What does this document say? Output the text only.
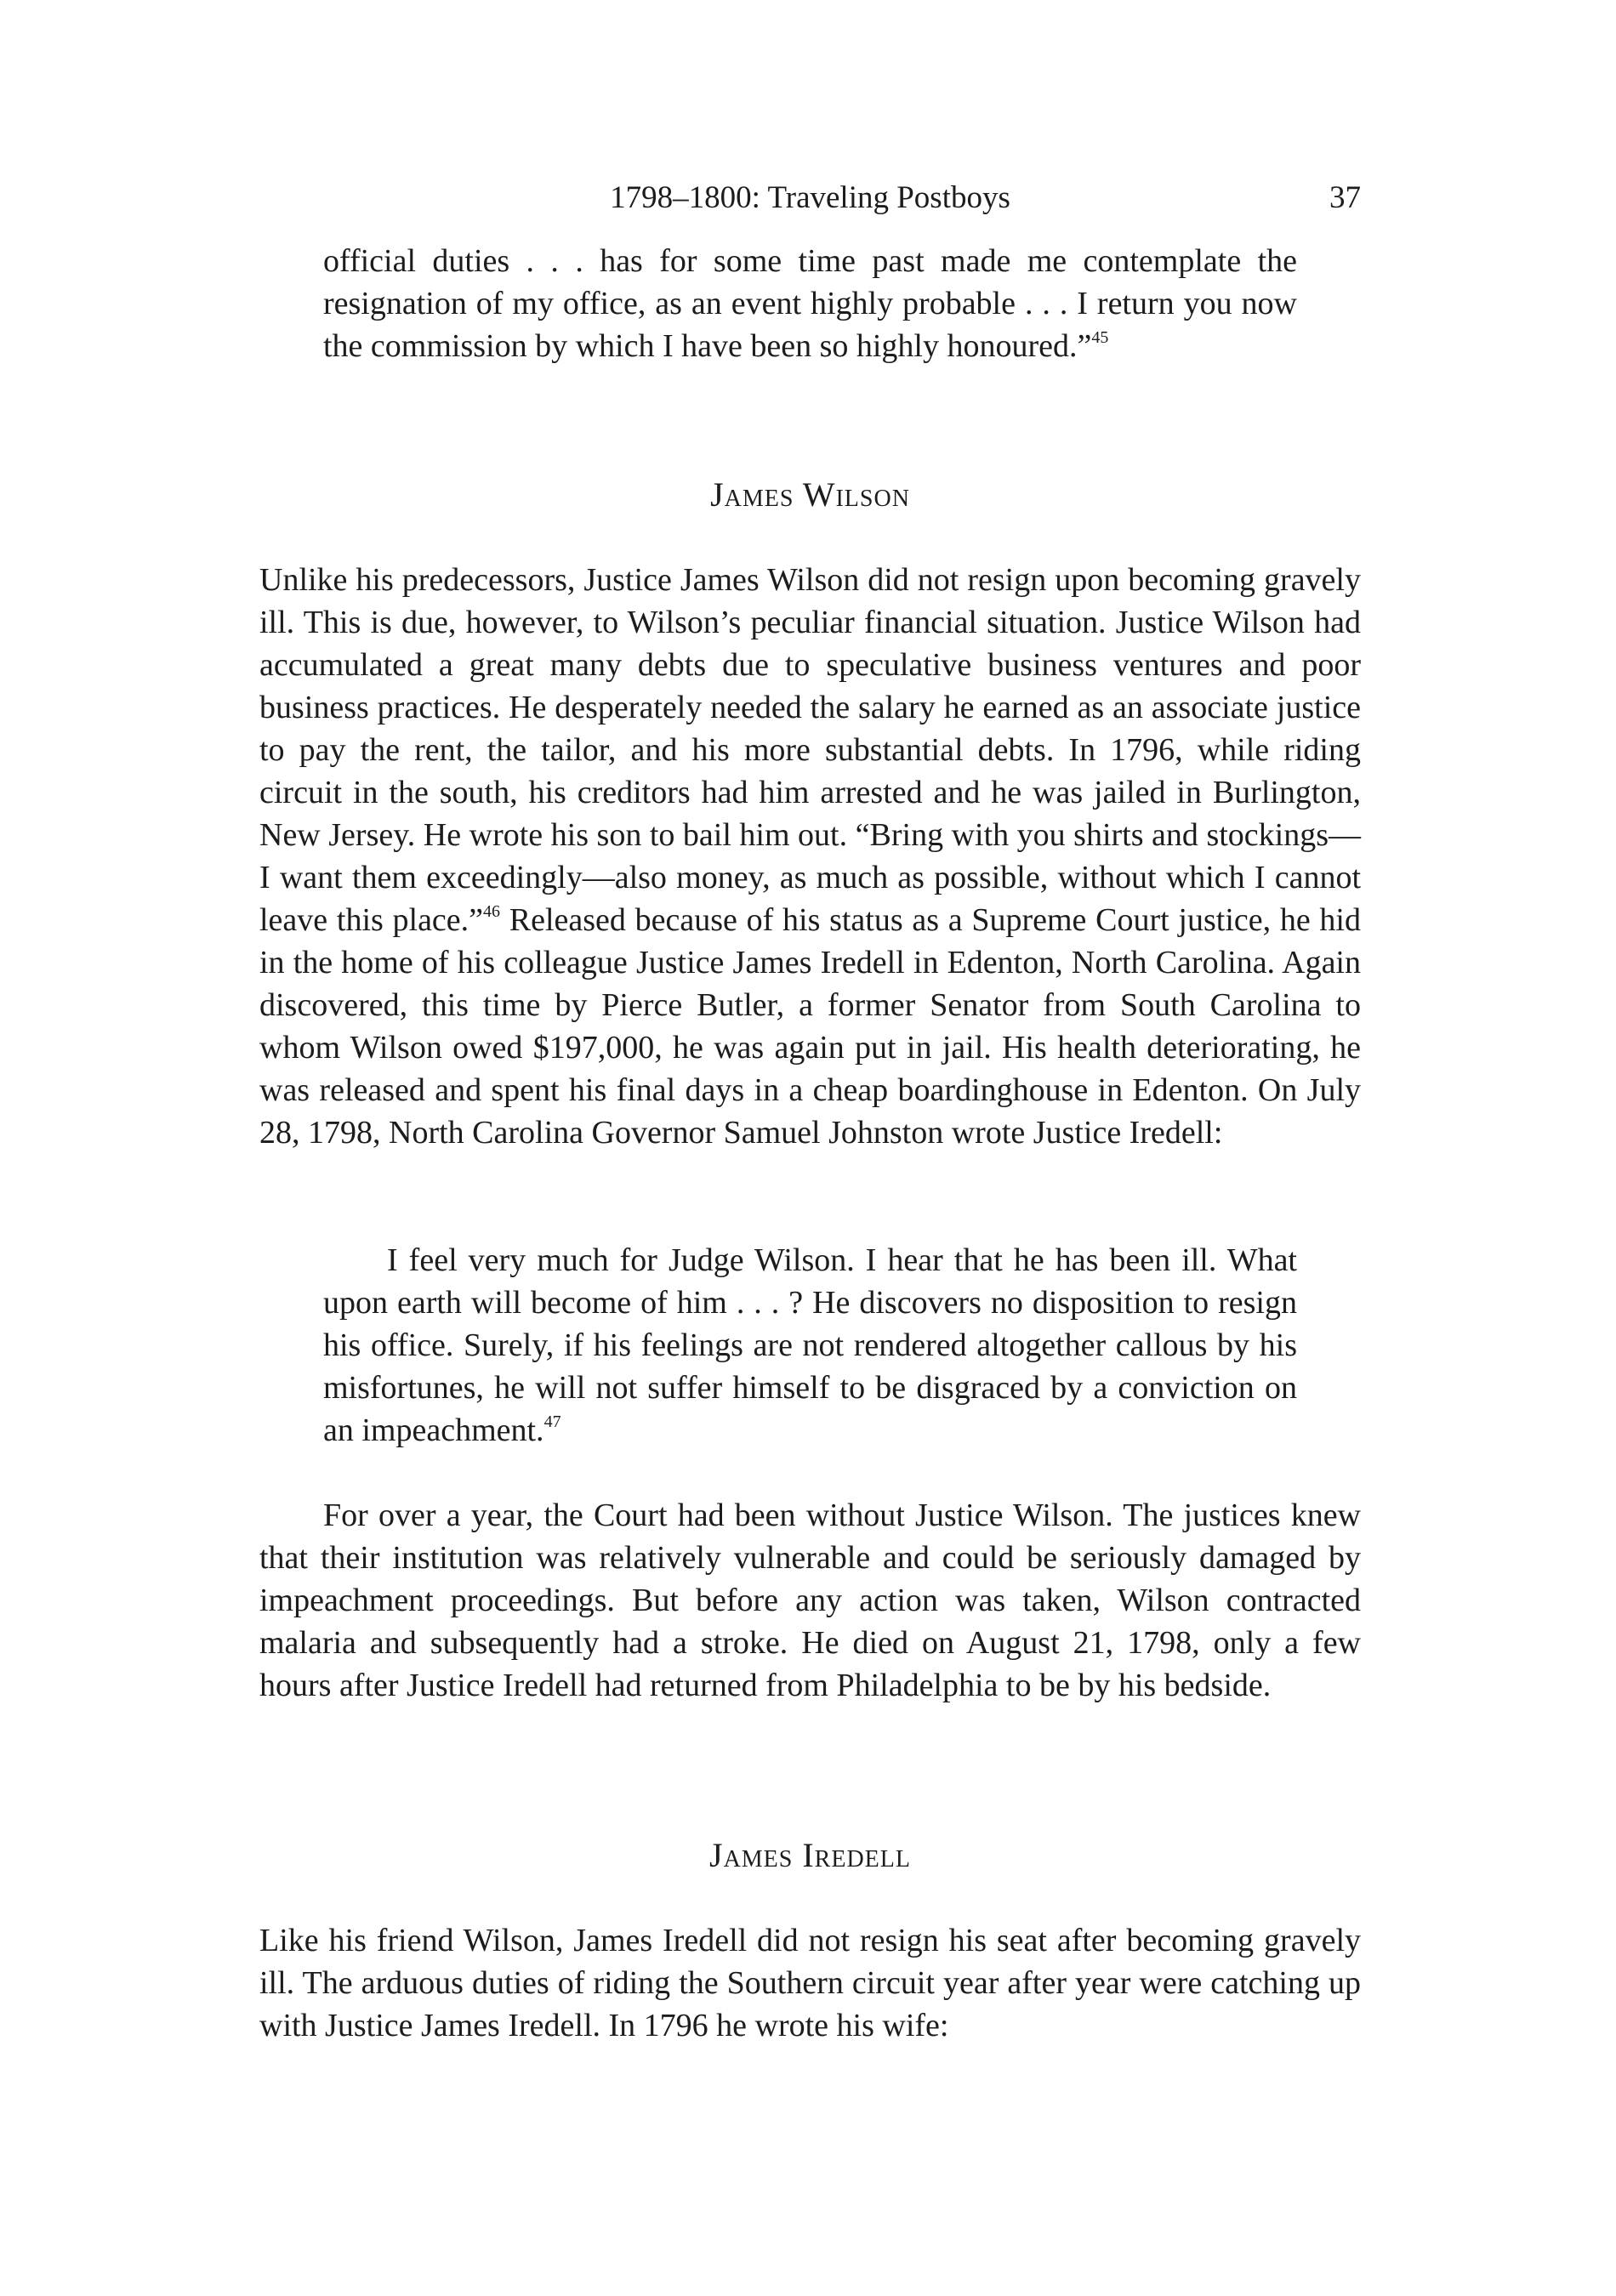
1798–1800: Traveling Postboys	37

official duties . . . has for some time past made me contemplate the resignation of my office, as an event highly probable . . . I return you now the commission by which I have been so highly honoured.”$^{45}$

James Wilson

Unlike his predecessors, Justice James Wilson did not resign upon becoming gravely ill. This is due, however, to Wilson’s peculiar financial situation. Justice Wilson had accumulated a great many debts due to speculative business ventures and poor business practices. He desperately needed the salary he earned as an associate justice to pay the rent, the tailor, and his more substantial debts. In 1796, while riding circuit in the south, his creditors had him arrested and he was jailed in Burlington, New Jersey. He wrote his son to bail him out. “Bring with you shirts and stockings—I want them exceedingly—also money, as much as possible, without which I cannot leave this place.”$^{46}$ Released because of his status as a Supreme Court justice, he hid in the home of his colleague Justice James Iredell in Edenton, North Carolina. Again discovered, this time by Pierce Butler, a former Senator from South Carolina to whom Wilson owed $197,000, he was again put in jail. His health deteriorating, he was released and spent his final days in a cheap boardinghouse in Edenton. On July 28, 1798, North Carolina Governor Samuel Johnston wrote Justice Iredell:

I feel very much for Judge Wilson. I hear that he has been ill. What upon earth will become of him . . . ? He discovers no disposition to resign his office. Surely, if his feelings are not rendered altogether callous by his misfortunes, he will not suffer himself to be disgraced by a conviction on an impeachment.$^{47}$

For over a year, the Court had been without Justice Wilson. The justices knew that their institution was relatively vulnerable and could be seriously damaged by impeachment proceedings. But before any action was taken, Wilson contracted malaria and subsequently had a stroke. He died on August 21, 1798, only a few hours after Justice Iredell had returned from Philadelphia to be by his bedside.

James Iredell

Like his friend Wilson, James Iredell did not resign his seat after becoming gravely ill. The arduous duties of riding the Southern circuit year after year were catching up with Justice James Iredell. In 1796 he wrote his wife:
